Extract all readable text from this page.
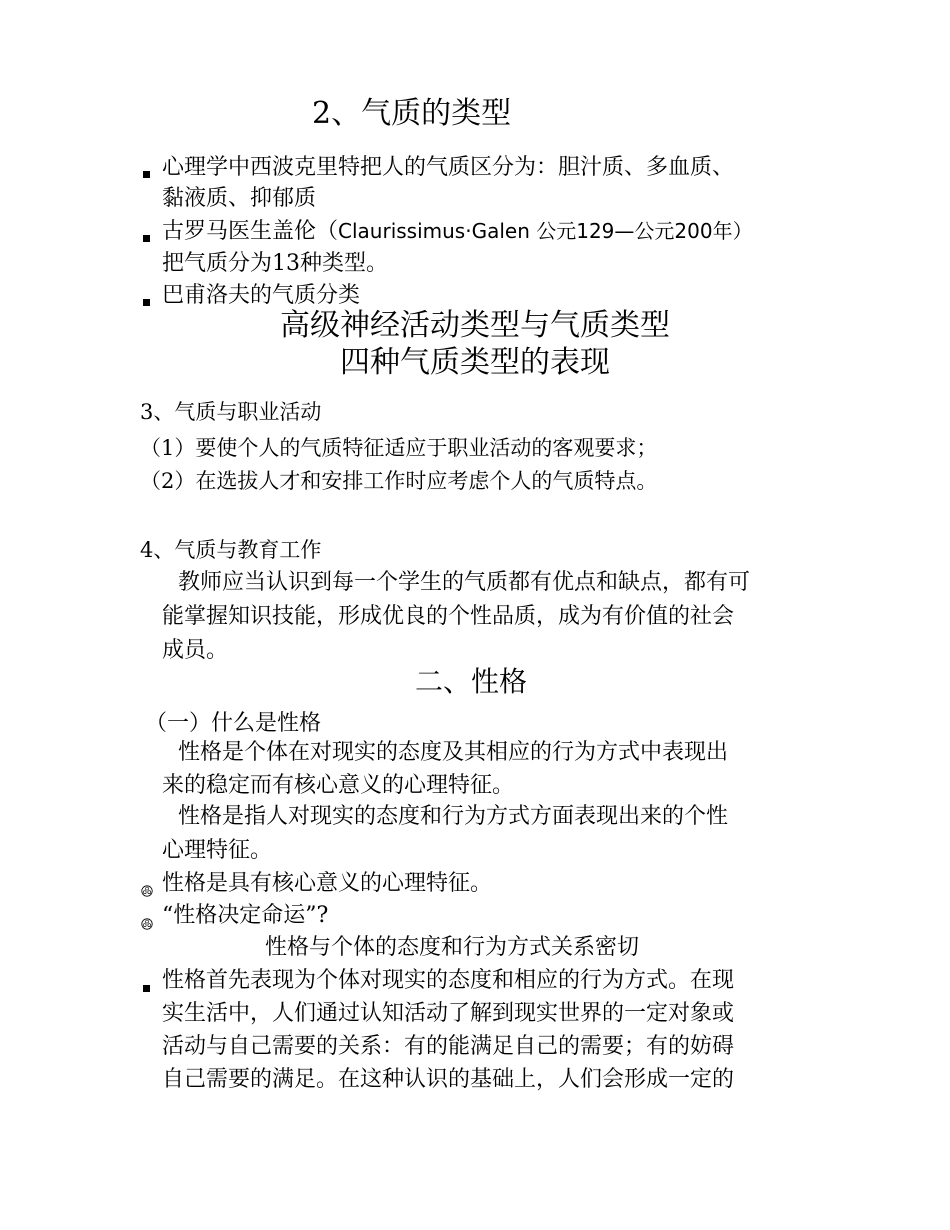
2、气质的类型
心理学中西波克里特把人的气质区分为：胆汁质、多血质、
黏液质、抑郁质
古罗马医生盖伦（Claurissimus·Galen 公元129—公元200年）
把气质分为13种类型。
巴甫洛夫的气质分类
高级神经活动类型与气质类型
四种气质类型的表现
3、气质与职业活动
（1）要使个人的气质特征适应于职业活动的客观要求；
（2）在选拔人才和安排工作时应考虑个人的气质特点。
4、气质与教育工作
教师应当认识到每一个学生的气质都有优点和缺点，都有可
能掌握知识技能，形成优良的个性品质，成为有价值的社会
成员。
二、性格
（一）什么是性格
性格是个体在对现实的态度及其相应的行为方式中表现出
来的稳定而有核心意义的心理特征。
性格是指人对现实的态度和行为方式方面表现出来的个性
心理特征。
性格是具有核心意义的心理特征。
“性格决定命运”?
性格与个体的态度和行为方式关系密切
性格首先表现为个体对现实的态度和相应的行为方式。在现
实生活中，人们通过认知活动了解到现实世界的一定对象或
活动与自己需要的关系：有的能满足自己的需要；有的妨碍
自己需要的满足。在这种认识的基础上，人们会形成一定的
